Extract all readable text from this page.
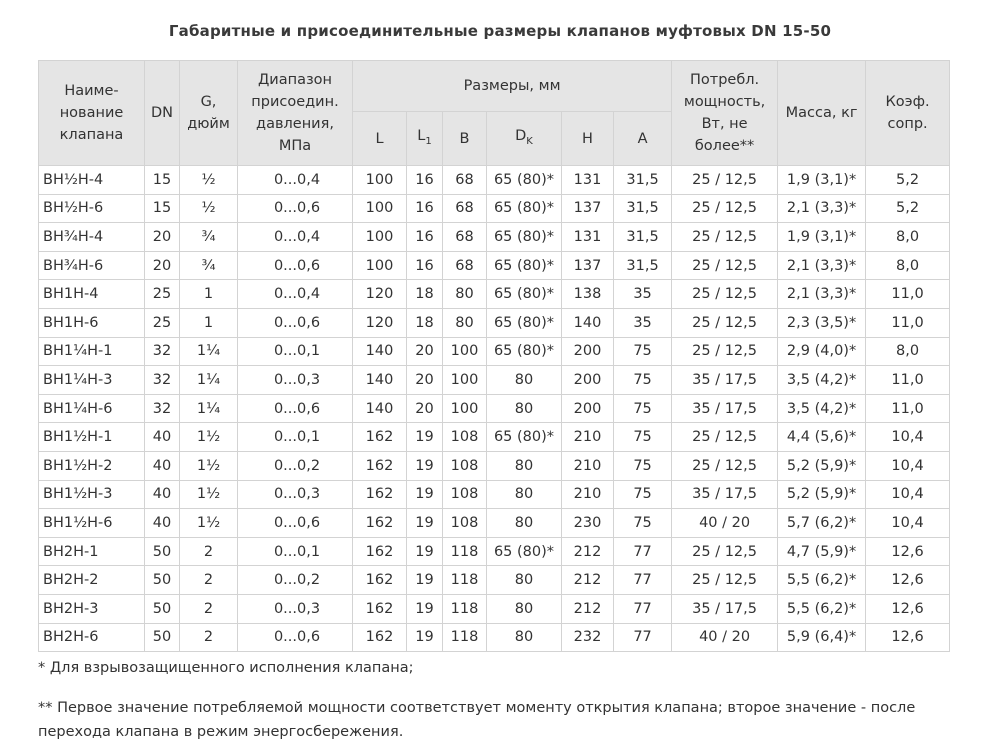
Габаритные и присоединительные размеры клапанов муфтовых DN 15-50
Наиме-нование клапана	DN	G, дюйм	Диапазон присоедин. давления, МПа	Размеры, мм						Потребл. мощность, Вт, не более**	Масса, кг	Коэф. сопр.
				L	$L_1$	B	$D_K$	H	A			
ВН½Н-4	15	½	0...0,4	100	16	68	65 (80)*	131	31,5	25 / 12,5	1,9 (3,1)*	5,2
ВН½Н-6	15	½	0...0,6	100	16	68	65 (80)*	137	31,5	25 / 12,5	2,1 (3,3)*	5,2
ВН¾Н-4	20	¾	0...0,4	100	16	68	65 (80)*	131	31,5	25 / 12,5	1,9 (3,1)*	8,0
ВН¾Н-6	20	¾	0...0,6	100	16	68	65 (80)*	137	31,5	25 / 12,5	2,1 (3,3)*	8,0
ВН1Н-4	25	1	0...0,4	120	18	80	65 (80)*	138	35	25 / 12,5	2,1 (3,3)*	11,0
ВН1Н-6	25	1	0...0,6	120	18	80	65 (80)*	140	35	25 / 12,5	2,3 (3,5)*	11,0
ВН1¼Н-1	32	1¼	0...0,1	140	20	100	65 (80)*	200	75	25 / 12,5	2,9 (4,0)*	8,0
ВН1¼Н-3	32	1¼	0...0,3	140	20	100	80	200	75	35 / 17,5	3,5 (4,2)*	11,0
ВН1¼Н-6	32	1¼	0...0,6	140	20	100	80	200	75	35 / 17,5	3,5 (4,2)*	11,0
ВН1½Н-1	40	1½	0...0,1	162	19	108	65 (80)*	210	75	25 / 12,5	4,4 (5,6)*	10,4
ВН1½Н-2	40	1½	0...0,2	162	19	108	80	210	75	25 / 12,5	5,2 (5,9)*	10,4
ВН1½Н-3	40	1½	0...0,3	162	19	108	80	210	75	35 / 17,5	5,2 (5,9)*	10,4
ВН1½Н-6	40	1½	0...0,6	162	19	108	80	230	75	40 / 20	5,7 (6,2)*	10,4
ВН2Н-1	50	2	0...0,1	162	19	118	65 (80)*	212	77	25 / 12,5	4,7 (5,9)*	12,6
ВН2Н-2	50	2	0...0,2	162	19	118	80	212	77	25 / 12,5	5,5 (6,2)*	12,6
ВН2Н-3	50	2	0...0,3	162	19	118	80	212	77	35 / 17,5	5,5 (6,2)*	12,6
ВН2Н-6	50	2	0...0,6	162	19	118	80	232	77	40 / 20	5,9 (6,4)*	12,6
* Для взрывозащищенного исполнения клапана;
** Первое значение потребляемой мощности соответствует моменту открытия клапана; второе значение - после перехода клапана в режим энергосбережения.
